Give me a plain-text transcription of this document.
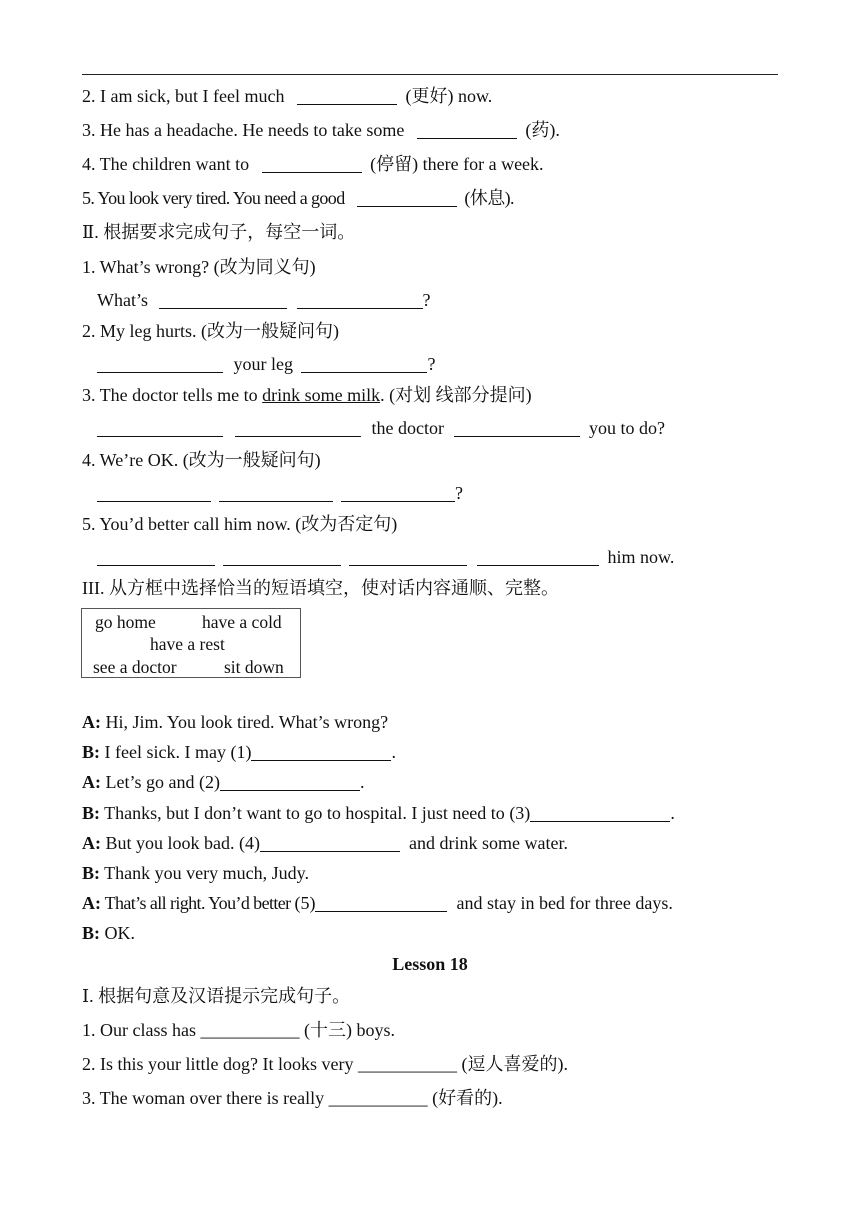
2. I am sick, but I feel much	(更好) now.
3. He has a headache. He needs to take some	(药).
4. The children want to	(停留) there for a week.
5. You look very tired. You need a good	(休息).
Ⅱ. 根据要求完成句子，每空一词。
1. What’s wrong? (改为同义句)
What’s	?
2. My leg hurts. (改为一般疑问句)
your leg	?
3. The doctor tells me to drink some milk. (对划 线部分提问)
the doctor	you to do?
4. We’re OK. (改为一般疑问句)
?
5. You’d better call him now. (改为否定句)
him now.
III. 从方框中选择恰当的短语填空，使对话内容通顺、完整。
go home	have a cold
have a rest
see a doctor	sit down
A: Hi, Jim. You look tired. What’s wrong?
B: I feel sick. I may (1)	.
A: Let’s go and (2)	.
B: Thanks, but I don’t want to go to hospital. I just need to (3)	.
A: But you look bad. (4)	and drink some water.
B: Thank you very much, Judy.
A: That’s all right. You’d better (5)	and stay in bed for three days.
B: OK.
Lesson 18
Ⅰ. 根据句意及汉语提示完成句子。
1. Our class has ___________ (十三) boys.
2. Is this your little dog? It looks very ___________ (逗人喜爱的).
3. The woman over there is really ___________ (好看的).
